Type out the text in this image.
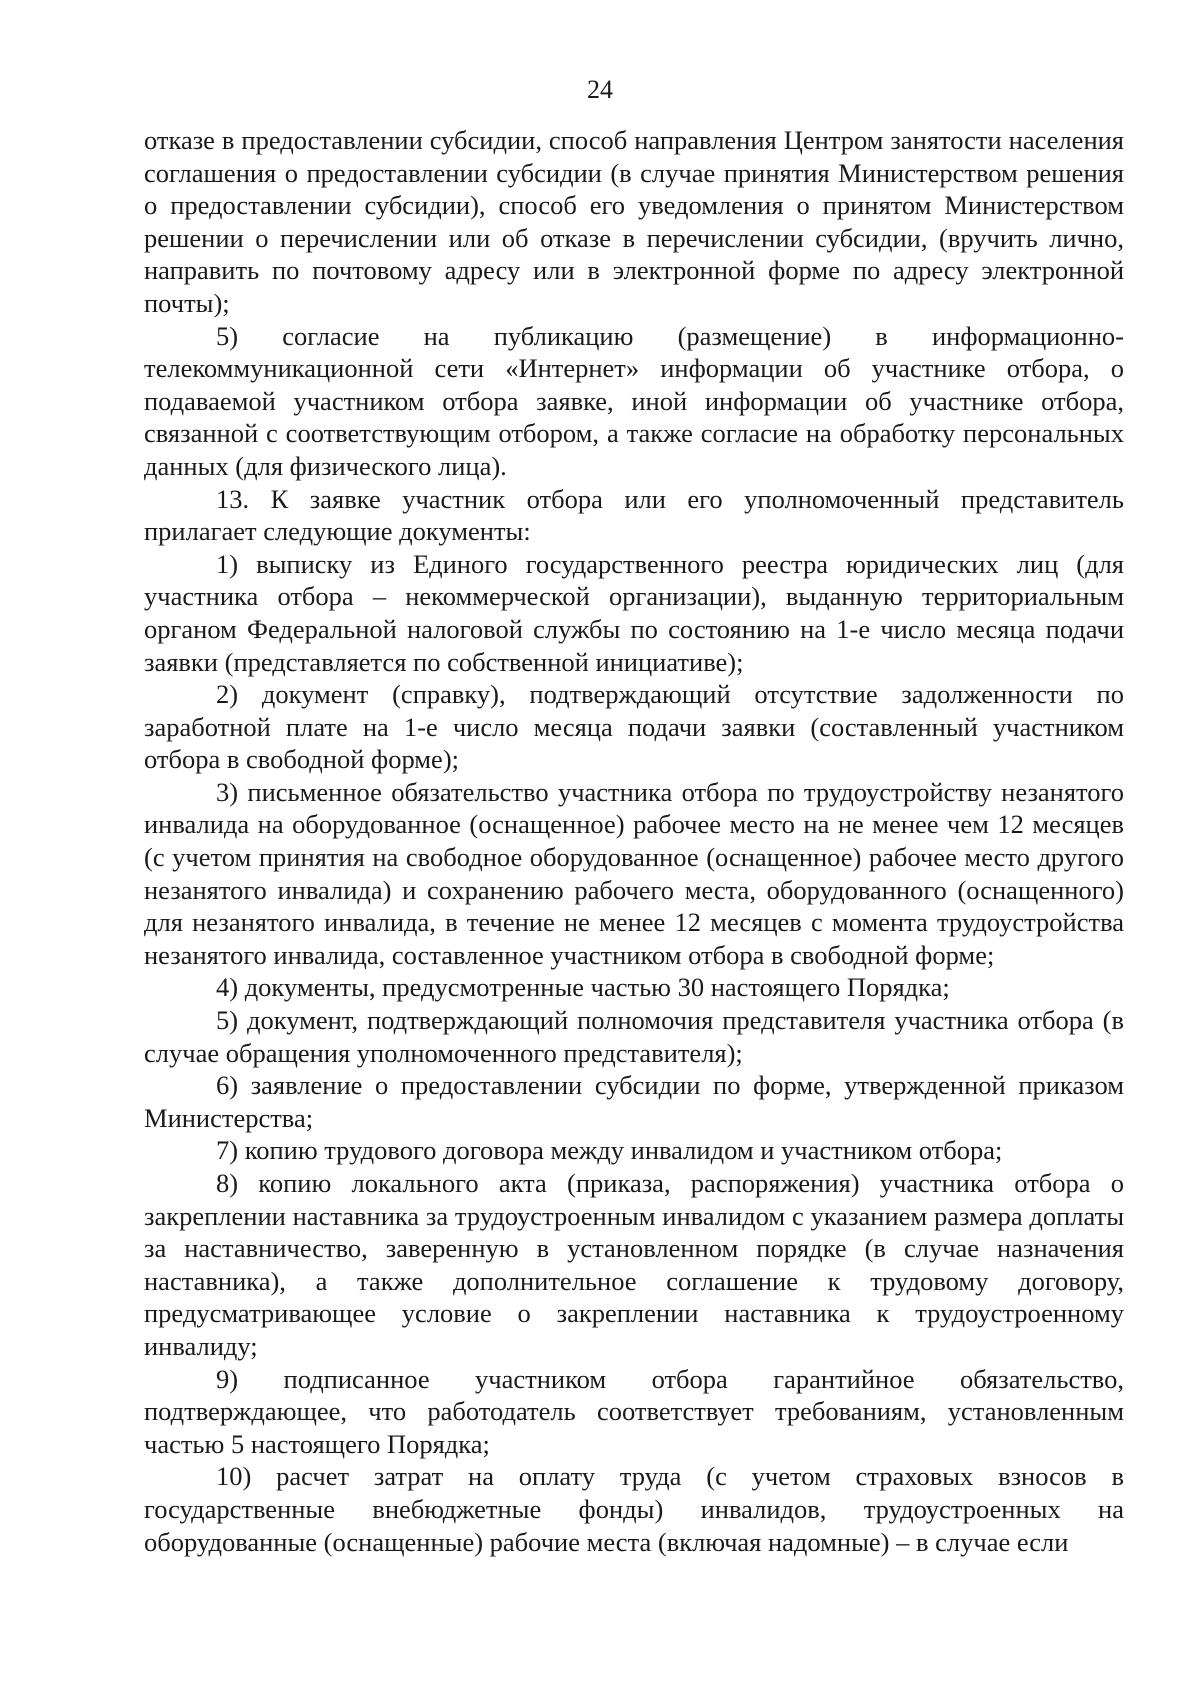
24

отказе в предоставлении субсидии, способ направления Центром занятости населения соглашения о предоставлении субсидии (в случае принятия Министерством решения о предоставлении субсидии), способ его уведомления о принятом Министерством решении о перечислении или об отказе в перечислении субсидии, (вручить лично, направить по почтовому адресу или в электронной форме по адресу электронной почты);

5) согласие на публикацию (размещение) в информационно-телекоммуникационной сети «Интернет» информации об участнике отбора, о подаваемой участником отбора заявке, иной информации об участнике отбора, связанной с соответствующим отбором, а также согласие на обработку персональных данных (для физического лица).

13. К заявке участник отбора или его уполномоченный представитель прилагает следующие документы:

1) выписку из Единого государственного реестра юридических лиц (для участника отбора – некоммерческой организации), выданную территориальным органом Федеральной налоговой службы по состоянию на 1-е число месяца подачи заявки (представляется по собственной инициативе);

2) документ (справку), подтверждающий отсутствие задолженности по заработной плате на 1-е число месяца подачи заявки (составленный участником отбора в свободной форме);

3) письменное обязательство участника отбора по трудоустройству незанятого инвалида на оборудованное (оснащенное) рабочее место на не менее чем 12 месяцев (с учетом принятия на свободное оборудованное (оснащенное) рабочее место другого незанятого инвалида) и сохранению рабочего места, оборудованного (оснащенного) для незанятого инвалида, в течение не менее 12 месяцев с момента трудоустройства незанятого инвалида, составленное участником отбора в свободной форме;

4) документы, предусмотренные частью 30 настоящего Порядка;

5) документ, подтверждающий полномочия представителя участника отбора (в случае обращения уполномоченного представителя);

6) заявление о предоставлении субсидии по форме, утвержденной приказом Министерства;

7) копию трудового договора между инвалидом и участником отбора;

8) копию локального акта (приказа, распоряжения) участника отбора о закреплении наставника за трудоустроенным инвалидом с указанием размера доплаты за наставничество, заверенную в установленном порядке (в случае назначения наставника), а также дополнительное соглашение к трудовому договору, предусматривающее условие о закреплении наставника к трудоустроенному инвалиду;

9) подписанное участником отбора гарантийное обязательство, подтверждающее, что работодатель соответствует требованиям, установленным частью 5 настоящего Порядка;

10) расчет затрат на оплату труда (с учетом страховых взносов в государственные внебюджетные фонды) инвалидов, трудоустроенных на оборудованные (оснащенные) рабочие места (включая надомные) – в случае если
